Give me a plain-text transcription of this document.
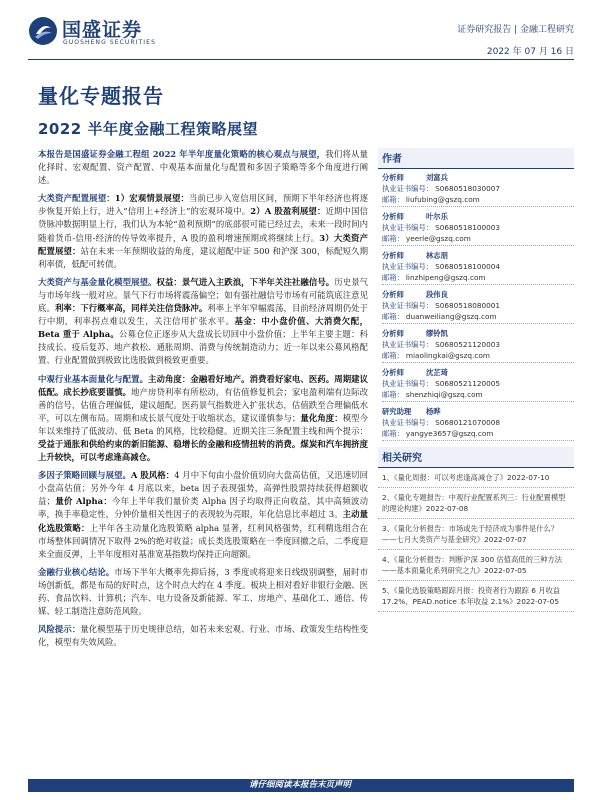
国盛证券
GUOSHENG SECURITIES
证券研究报告 | 金融工程研究
2022 年 07 月 16 日
量化专题报告
2022 半年度金融工程策略展望

本报告是国盛证券金融工程组 2022 年半年度量化策略的核心观点与展望，我们将从量化择时、宏观配置、资产配置、中观基本面量化与配置和多因子策略等多个角度进行阐述。

大类资产配置展望：1）宏观情景展望：当前已步入宽信用区间，预期下半年经济也将逐步恢复开始上行，进入“信用上+经济上”的宏观环境中。2）A 股盈利展望：近期中国信贷脉冲数据明显上行，我们认为本轮“盈利预期”的底部很可能已经过去，未来一段时间内随着货币-信用-经济的传导效率提升，A 股的盈利增速预期或将继续上行。3）大类资产配置展望：站在未来一年预期收益的角度，建议超配中证 500 和沪深 300，标配短久期利率债，低配可转债。

大类资产与基金量化模型展望。权益：景气进入主跌浪，下半年关注社融信号。历史景气与市场年线一般对应。景气下行市场将震荡偏空；如有强社融信号市场有可能筑底注意见底。利率：下行概率高，同样关注信贷脉冲。利率上半年窄幅震荡，目前经济周期仍处于行中期，利率拐点难以发生，关注信用扩张水平。基金：中小盘价值、大消费欠配，Beta 重于 Alpha。公募仓位正逐步从大盘成长切回中小盘价值；上半年主要主题：科技成长、疫后复苏、地产救松、通胀周期、消费与传统制造动力；近一年以来公募风格配置、行业配置做到极致比选股做到极致更重要。

中观行业基本面量化与配置。主动角度：金融看好地产。消费看好家电、医药。周期建议低配。成长抄底要谨慎。地产房贷利率有所松动，有估值修复机会；家电盈利端有边际改善的信号，估值合理偏低，建议超配。医药景气指数进入扩张状态，估值跌至合理偏低水平，可以左侧布局。周期和成长景气度处于收缩状态，建议谨慎参与；量化角度：模型今年以来维持了低波动、低 Beta 的风格，比较稳健。近期关注三条配置主线和两个提示：受益于通胀和供给约束的新旧能源、稳增长的金融和疫情扭转的消费。煤炭和汽车拥挤度上升较快，可以考虑逢高减仓。

多因子策略回顾与展望。A 股风格：4 月中下旬由小盘价值切向大盘高估值，又迅速切回小盘高估值；另外今年 4 月底以来，beta 因子表现强势，高弹性股票持续获得超额收益；量价 Alpha：今年上半年我们量价类 Alpha 因子均取得正向收益，其中高频波动率，换手率稳定性，分钟价量相关性因子的表现较为亮眼，年化信息比率超过 3。主动量化选股策略：上半年各主动量化选股策略 alpha 显著，红利风格强势，红利精选组合在市场整体回调情况下取得 2%的绝对收益；成长类选股策略在一季度回撤之后，二季度迎来全面反弹，上半年度相对基准宽基指数均保持正向超额。

金融行业核心结论。市场下半年大概率先抑后扬，3 季度或将迎来日线级别调整，届时市场创新低，都是布局的好时点，这个时点大约在 4 季度。板块上相对看好非银行金融、医药、食品饮料、计算机；汽车、电力设备及新能源、军工、房地产、基础化工、通信、传媒、轻工制造注意防范风险。

风险提示：量化模型基于历史规律总结，如若未来宏观、行业、市场、政策发生结构性变化，模型有失效风险。

作者
分析师	刘富兵
执业证书编号： S0680518030007
邮箱： liufubing@gszq.com
分析师	叶尔乐
执业证书编号： S0680518100003
邮箱： yeerle@gszq.com
分析师	林志朋
执业证书编号： S0680518100004
邮箱： linzhipeng@gszq.com
分析师	段伟良
执业证书编号： S0680518080001
邮箱： duanweiliang@gszq.com
分析师	缪铃凯
执业证书编号： S0680521120003
邮箱： miaolingkai@gszq.com
分析师	沈芷琦
执业证书编号： S0680521120005
邮箱： shenzhiqi@gszq.com
研究助理	杨晔
执业证书编号： S0680121070008
邮箱： yangye3657@gszq.com
相关研究
1、《量化周报：可以考虑逢高减仓了》2022-07-10
2、《量化专题报告：中观行业配置系列三：行业配置模型的理论构建》2022-07-08
3、《量化分析报告：市场或先于经济成为事件是什么？——七月大类资产与基金研究》2022-07-07
4、《量化分析报告：判断沪深 300 估值高低的三种方法——基本面量化系列研究之九》2022-07-05
5、《量化选股策略跟踪月报：投资者行为跟踪 6 月收益 17.2%、PEAD.notice 本年收益 2.1%》2022-07-05
请仔细阅读本报告末页声明
